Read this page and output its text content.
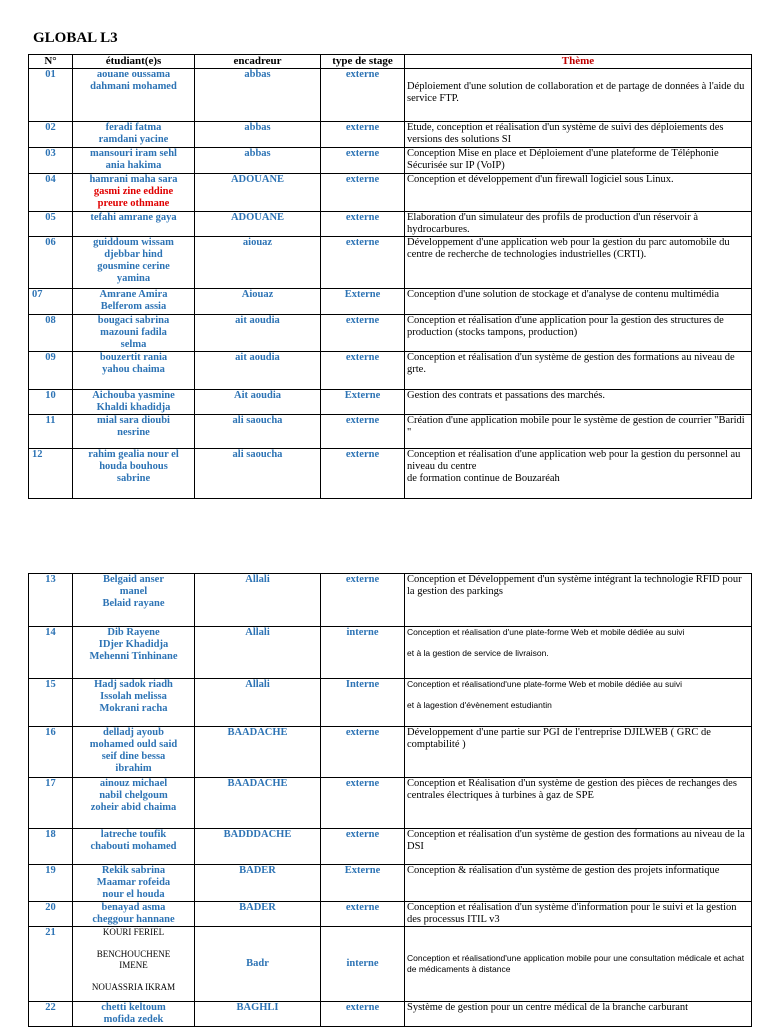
GLOBAL L3
N°	étudiant(e)s	encadreur	type de stage	Thème
01	aouane oussama
dahmani mohamed	abbas	externe	Déploiement d'une solution de collaboration et de partage de données à l'aide du service FTP.

02	feradi fatma
ramdani yacine	abbas	externe	Etude, conception et réalisation d'un système de suivi des déploiements des versions des solutions SI

03	mansouri iram sehl
ania hakima	abbas	externe	Conception Mise en place et Déploiement d'une plateforme de Téléphonie Sécurisée sur IP (VoIP)

04	hamrani maha sara
gasmi zine eddine
preure othmane	ADOUANE	externe	Conception et développement d'un firewall logiciel sous Linux.

05	tefahi amrane gaya	ADOUANE	externe	Elaboration d'un simulateur des profils de production d'un réservoir à hydrocarbures.

06	guiddoum wissam
djebbar hind
gousmine cerine
yamina	aiouaz	externe	Développement d'une application web pour la gestion du parc automobile du centre de recherche de technologies industrielles (CRTI).

07	Amrane Amira
Belferom assia	Aiouaz	Externe	Conception d'une solution de stockage et d'analyse de contenu multimédia

08	bougaci sabrina
mazouni fadila
selma	ait aoudia	externe	Conception et réalisation d'une application pour la gestion des structures de production (stocks tampons, production)

09	bouzertit rania
yahou chaima	ait aoudia	externe	Conception et réalisation d'un système de gestion des formations au niveau de grte.

10	Aichouba yasmine
Khaldi khadidja	Ait aoudia	Externe	Gestion des contrats et passations des marchés.

11	mial sara dioubi
nesrine	ali saoucha	externe	Création d'une application mobile pour le système de gestion de courrier "Baridi "

12	rahim gealia nour el
houda bouhous
sabrine	ali saoucha	externe	Conception et réalisation d'une application web pour la gestion du personnel au niveau du centre
de formation continue de Bouzaréah
13	Belgaid anser
manel
Belaid rayane	Allali	externe	Conception et Développement d'un système intégrant la technologie RFID pour la gestion des parkings

14	Dib Rayene
IDjer Khadidja
Mehenni Tinhinane	Allali	interne	Conception et réalisation d'une plate-forme Web et mobile dédiée au suivi
et à la gestion de service de livraison.

15	Hadj sadok riadh
Issolah melissa
Mokrani racha	Allali	Interne	Conception et réalisationd'une plate-forme Web et mobile dédiée au suivi
et à lagestion d'évènement estudiantin

16	delladj ayoub
mohamed ould said
seif dine bessa
ibrahim	BAADACHE	externe	Développement d'une partie sur PGI de l'entreprise DJILWEB ( GRC de comptabilité )

17	ainouz michael
nabil chelgoum
zoheir abid chaima	BAADACHE	externe	Conception et Réalisation d'un système de gestion des pièces de rechanges des centrales électriques à turbines à gaz de SPE

18	latreche toufik
chabouti mohamed	BADDDACHE	externe	Conception et réalisation d'un système de gestion des formations au niveau de la DSI

19	Rekik sabrina
Maamar rofeida
nour el houda	BADER	Externe	Conception & réalisation d'un système de gestion des projets informatique

20	benayad asma
cheggour hannane	BADER	externe	Conception et réalisation d'un système d'information pour le suivi et la gestion des processus ITIL v3

21	KOURI FERIEL

BENCHOUCHENE
IMENE

NOUASSRIA IKRAM	Badr	interne	Conception et réalisationd'une application mobile pour une consultation médicale et achat de médicaments à distance

22	chetti keltoum
mofida zedek	BAGHLI	externe	Système de gestion pour un centre médical de la branche carburant
